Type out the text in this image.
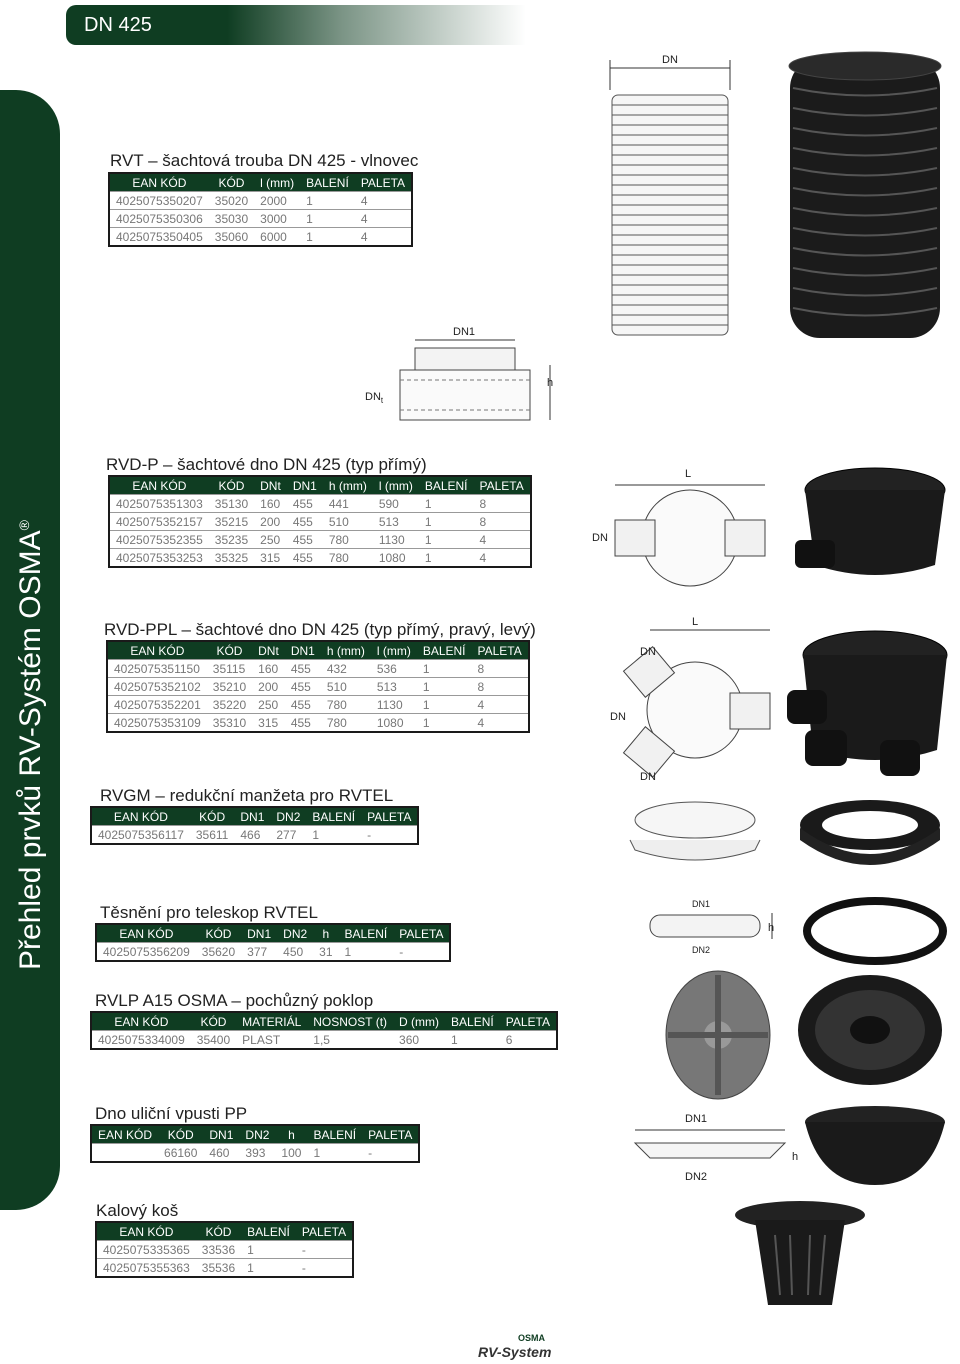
DN 425
Přehled prvků RV-Systém OSMA®
110
RVT – šachtová trouba DN 425 - vlnovec
RVD-P – šachtové dno DN 425 (typ přímý)
RVD-PPL – šachtové dno DN 425 (typ přímý, pravý, levý)
RVGM – redukční manžeta pro RVTEL
Těsnění pro teleskop RVTEL
RVLP A15 OSMA – pochůzný poklop
Dno uliční vpusti PP
Kalový koš
EAN KÓD	KÓD	l (mm)	BALENÍ	PALETA
4025075350207	35020	2000	1	4
4025075350306	35030	3000	1	4
4025075350405	35060	6000	1	4
EAN KÓD	KÓD	DNt	DN1	h (mm)	l (mm)	BALENÍ	PALETA
4025075351303	35130	160	455	441	590	1	8
4025075352157	35215	200	455	510	513	1	8
4025075352355	35235	250	455	780	1130	1	4
4025075353253	35325	315	455	780	1080	1	4
EAN KÓD	KÓD	DNt	DN1	h (mm)	l (mm)	BALENÍ	PALETA
4025075351150	35115	160	455	432	536	1	8
4025075352102	35210	200	455	510	513	1	8
4025075352201	35220	250	455	780	1130	1	4
4025075353109	35310	315	455	780	1080	1	4
EAN KÓD	KÓD	DN1	DN2	BALENÍ	PALETA
4025075356117	35611	466	277	1	-
EAN KÓD	KÓD	DN1	DN2	h	BALENÍ	PALETA
4025075356209	35620	377	450	31	1	-
EAN KÓD	KÓD	MATERIÁL	NOSNOST (t)	D (mm)	BALENÍ	PALETA
4025075334009	35400	PLAST	1,5	360	1	6
EAN KÓD	KÓD	DN1	DN2	h	BALENÍ	PALETA
	66160	460	393	100	1	-
EAN KÓD	KÓD	BALENÍ	PALETA
4025075335365	33536	1	-
4025075355363	35536	1	-
DN
DN1
h
$DN_t$
L
DN
L
DN
DN
DN
DN1
DN2
h
DN1
DN2
h
OSMA
RV-System
